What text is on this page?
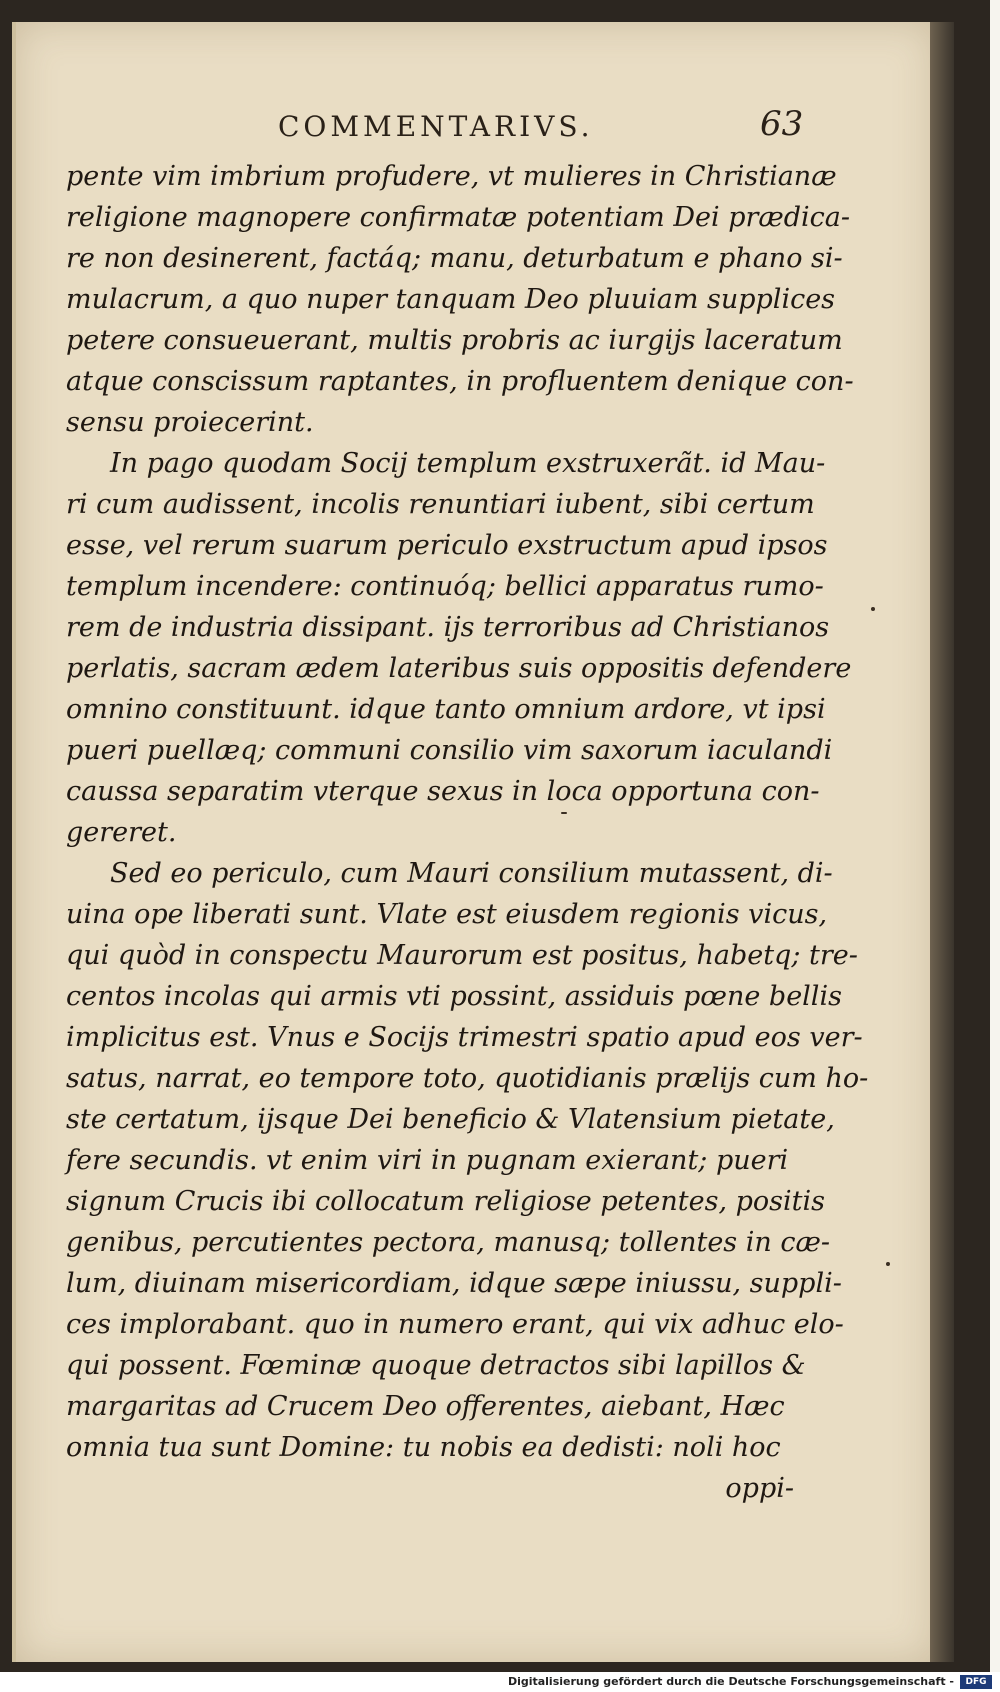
COMMENTARIVS.	63
pente vim imbrium profudere, vt mulieres in Christianæ
religione magnopere confirmatæ potentiam Dei prædica-
re non desinerent, factáq; manu, deturbatum e phano si-
mulacrum, a quo nuper tanquam Deo pluuiam supplices
petere consueuerant, multis probris ac iurgijs laceratum
atque conscissum raptantes, in profluentem denique con-
sensu proiecerint.
In pago quodam Socij templum exstruxerãt. id Mau-
ri cum audissent, incolis renuntiari iubent, sibi certum
esse, vel rerum suarum periculo exstructum apud ipsos
templum incendere: continuóq; bellici apparatus rumo-
rem de industria dissipant. ijs terroribus ad Christianos
perlatis, sacram ædem lateribus suis oppositis defendere
omnino constituunt. idque tanto omnium ardore, vt ipsi
pueri puellæq; communi consilio vim saxorum iaculandi
caussa separatim vterque sexus in loca opportuna con-
gereret.
Sed eo periculo, cum Mauri consilium mutassent, di-
uina ope liberati sunt. Vlate est eiusdem regionis vicus,
qui quòd in conspectu Maurorum est positus, habetq; tre-
centos incolas qui armis vti possint, assiduis pœne bellis
implicitus est. Vnus e Socijs trimestri spatio apud eos ver-
satus, narrat, eo tempore toto, quotidianis prælijs cum ho-
ste certatum, ijsque Dei beneficio & Vlatensium pietate,
fere secundis. vt enim viri in pugnam exierant; pueri
signum Crucis ibi collocatum religiose petentes, positis
genibus, percutientes pectora, manusq; tollentes in cæ-
lum, diuinam misericordiam, idque sæpe iniussu, suppli-
ces implorabant. quo in numero erant, qui vix adhuc elo-
qui possent. Fœminæ quoque detractos sibi lapillos &
margaritas ad Crucem Deo offerentes, aiebant, Hæc
omnia tua sunt Domine: tu nobis ea dedisti: noli hoc
oppi-
Digitalisierung gefördert durch die Deutsche Forschungsgemeinschaft -	DFG
